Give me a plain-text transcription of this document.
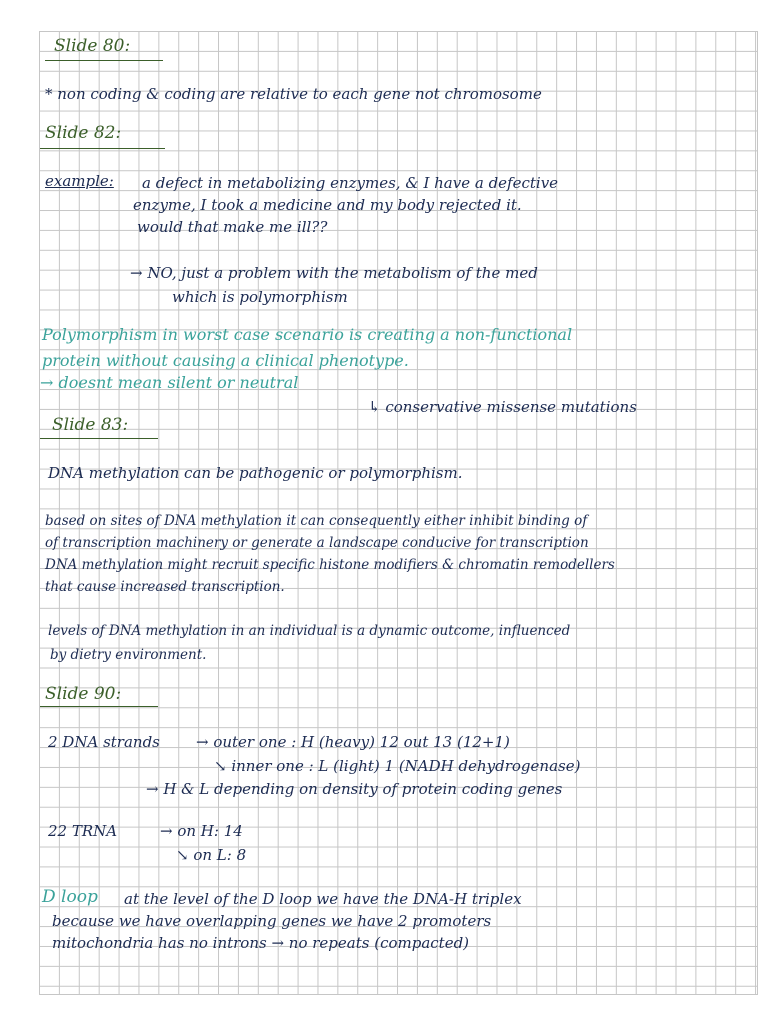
Slide 80:
* non coding & coding are relative to each gene not chromosome
Slide 82:
example: a defect in metabolizing enzymes, & I have a defective
enzyme, I took a medicine and my body rejected it.
would that make me ill??
→ NO, just a problem with the metabolism of the med
which is polymorphism
Polymorphism in worst case scenario is creating a non-functional
protein without causing a clinical phenotype.
→ doesnt mean silent or neutral
↳ conservative missense mutations
Slide 83:
DNA methylation can be pathogenic or polymorphism.
based on sites of DNA methylation it can consequently either inhibit binding of
of transcription machinery or generate a landscape conducive for transcription
DNA methylation might recruit specific histone modifiers & chromatin remodellers
that cause increased transcription.
levels of DNA methylation in an individual is a dynamic outcome, influenced
by dietry environment.
Slide 90:
2 DNA strands → outer one : H (heavy) 12 out 13 (12+1)
↘ inner one : L (light) 1 (NADH dehydrogenase)
→ H & L depending on density of protein coding genes
22 TRNA	→ on H: 14
↘ on L: 8
D loop at the level of the D loop we have the DNA-H triplex
because we have overlapping genes we have 2 promoters
mitochondria has no introns → no repeats (compacted)
